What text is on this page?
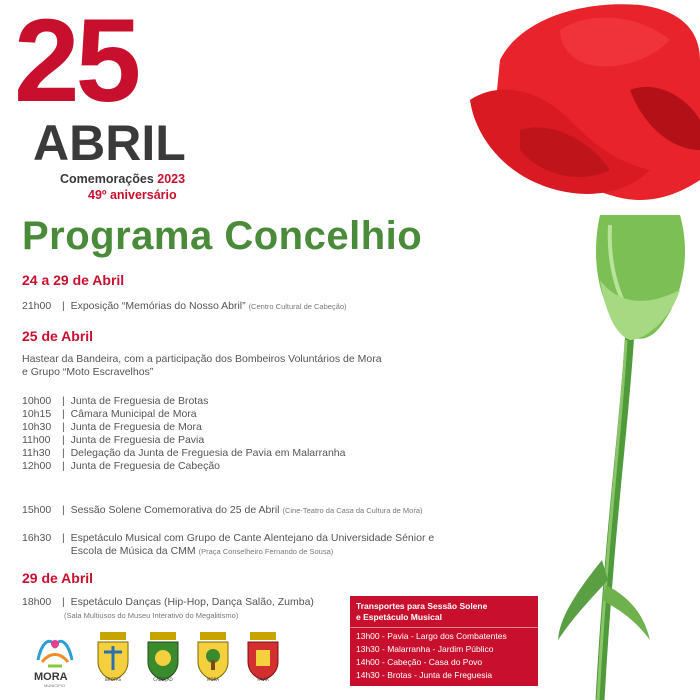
25
ABRIL
Comemorações 2023
49º aniversário
Programa Concelhio
24 a 29 de Abril
21h00 |  Exposição “Memórias do Nosso Abril” (Centro Cultural de Cabeção)
25 de Abril
Hastear da Bandeira, com a participação dos Bombeiros Voluntários de Mora
e Grupo “Moto Escravelhos”
10h00 |  Junta de Freguesia de Brotas
10h15 |  Câmara Municipal de Mora
10h30 |  Junta de Freguesia de Mora
11h00 |  Junta de Freguesia de Pavia
11h30 |  Delegação da Junta de Freguesia de Pavia em Malarranha
12h00 |  Junta de Freguesia de Cabeção
15h00 |  Sessão Solene Comemorativa do 25 de Abril (Cine-Teatro da Casa da Cultura de Mora)
16h30 |  Espetáculo Musical com Grupo de Cante Alentejano da Universidade Sénior e
Escola de Música da CMM (Praça Conselheiro Fernando de Sousa)
29 de Abril
18h00 |  Espetáculo Danças (Hip-Hop, Dança Salão, Zumba)
(Sala Multiusos do Museu Interativo do Megalitismo)
Transportes para Sessão Solene
e Espetáculo Musical
13h00 - Pavia - Largo dos Combatentes
13h30 - Malarranha - Jardim Público
14h00 - Cabeção - Casa do Povo
14h30 - Brotas - Junta de Freguesia
MORA
MUNICÍPIO
BROTAS	CABEÇÃO	MORA	PAVIA
